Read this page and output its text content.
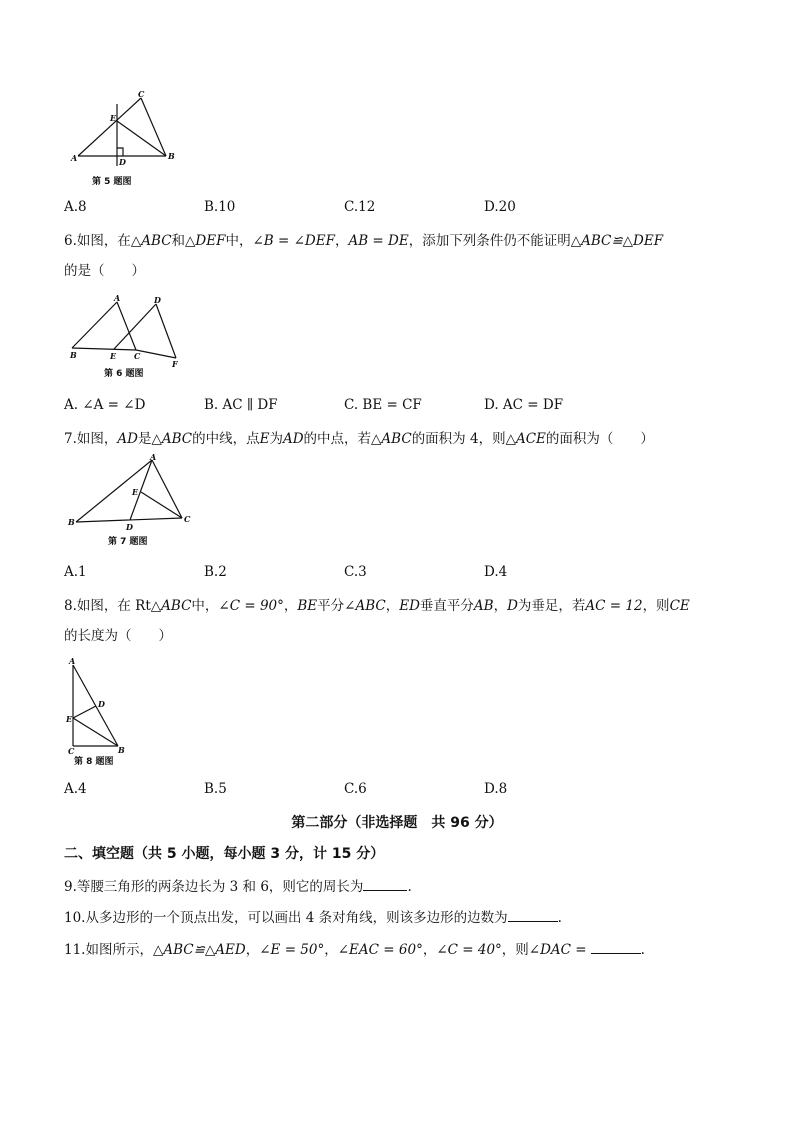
C
E
A	D
B
第 5 题图
A.8	B.10	C.12	D.20
6.如图，在△ABC和△DEF中，∠B = ∠DEF，AB = DE，添加下列条件仍不能证明△ABC≌△DEF
的是（　　）
A	D
B	E C
F
第 6 题图
A. ∠A = ∠D	B. AC ∥ DF	C. BE = CF	D. AC = DF
7.如图，AD是△ABC的中线，点E为AD的中点，若△ABC的面积为 4，则△ACE的面积为（　　）
A
E
B	D
C
第 7 题图
A.1	B.2	C.3	D.4
8.如图，在 Rt△ABC中，∠C = 90°，BE平分∠ABC，ED垂直平分AB，D为垂足，若AC = 12，则CE
的长度为（　　）
A
D
E
C	B
第 8 题图
A.4	B.5	C.6	D.8
第二部分（非选择题　共 96 分）
二、填空题（共 5 小题，每小题 3 分，计 15 分）
9.等腰三角形的两条边长为 3 和 6，则它的周长为	.
10.从多边形的一个顶点出发，可以画出 4 条对角线，则该多边形的边数为	.
11.如图所示，△ABC≌△AED，∠E = 50°，∠EAC = 60°，∠C = 40°，则∠DAC =	.
